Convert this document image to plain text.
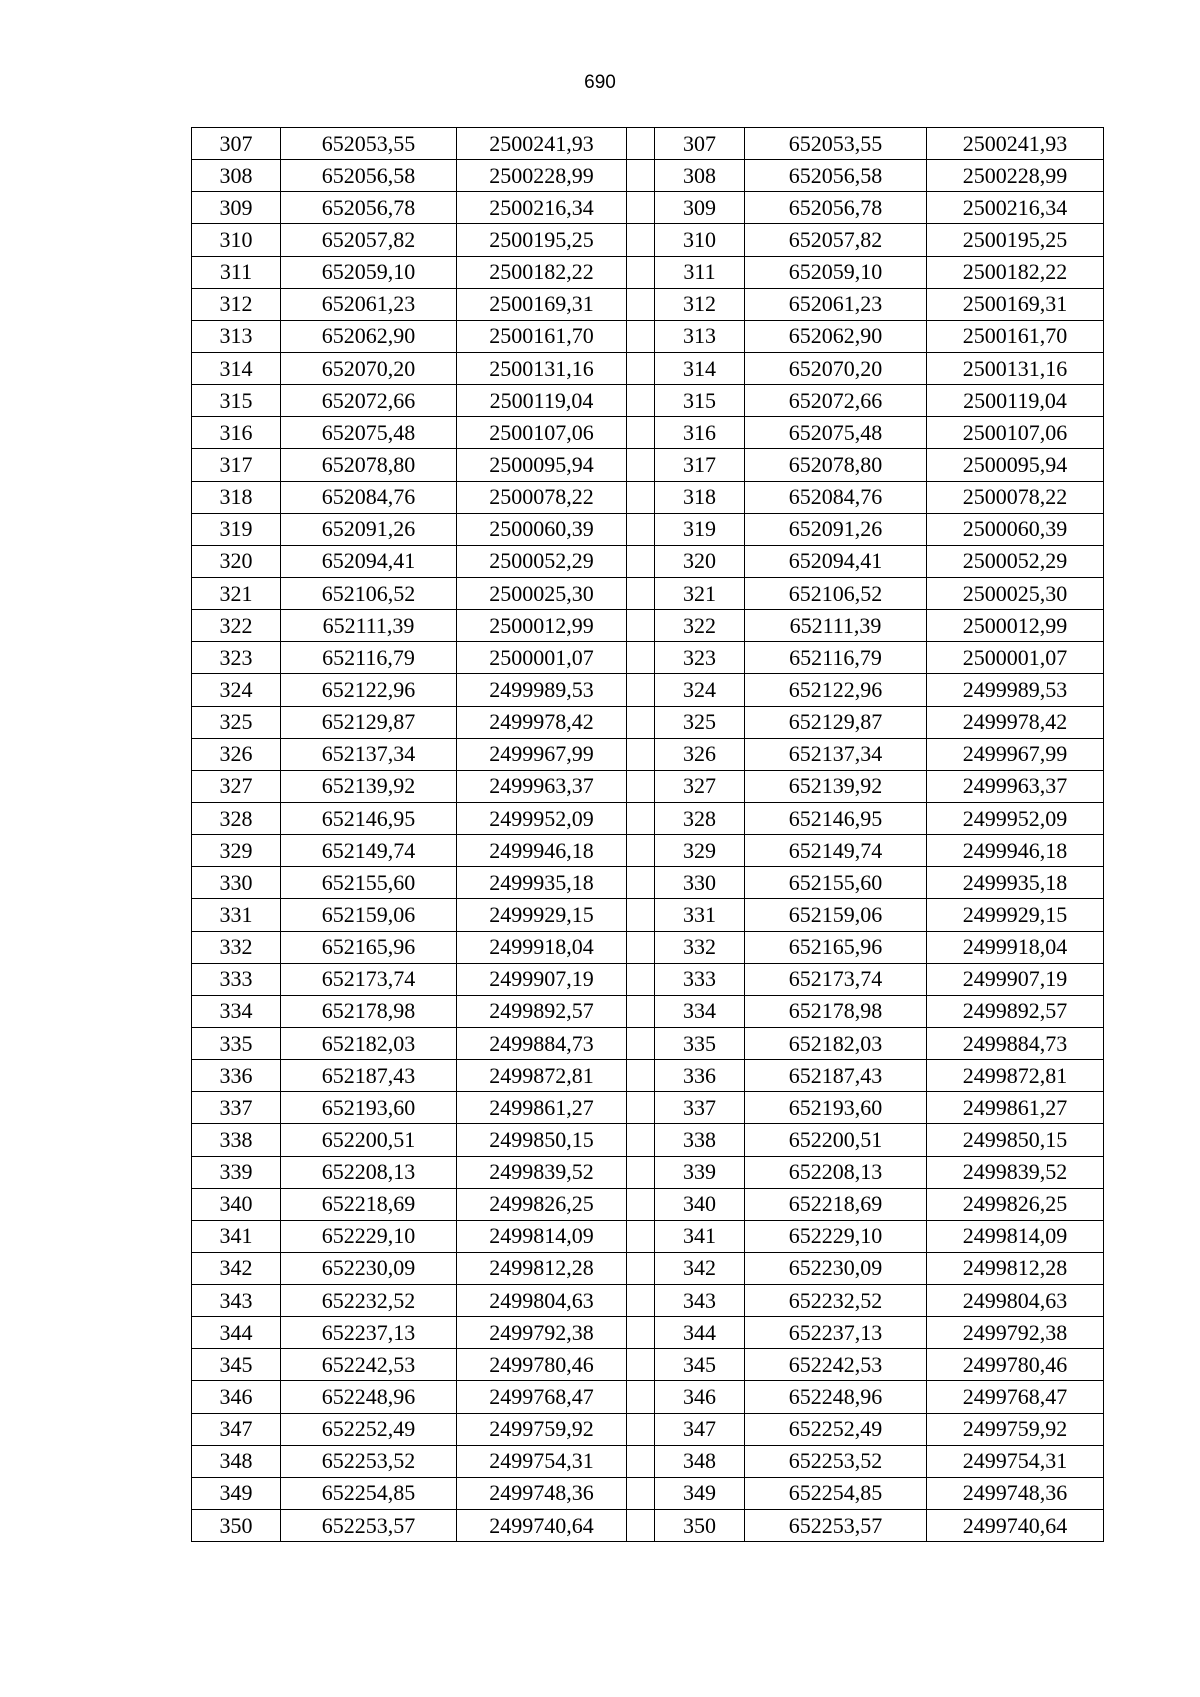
690
307	652053,55	2500241,93		307	652053,55	2500241,93
308	652056,58	2500228,99		308	652056,58	2500228,99
309	652056,78	2500216,34		309	652056,78	2500216,34
310	652057,82	2500195,25		310	652057,82	2500195,25
311	652059,10	2500182,22		311	652059,10	2500182,22
312	652061,23	2500169,31		312	652061,23	2500169,31
313	652062,90	2500161,70		313	652062,90	2500161,70
314	652070,20	2500131,16		314	652070,20	2500131,16
315	652072,66	2500119,04		315	652072,66	2500119,04
316	652075,48	2500107,06		316	652075,48	2500107,06
317	652078,80	2500095,94		317	652078,80	2500095,94
318	652084,76	2500078,22		318	652084,76	2500078,22
319	652091,26	2500060,39		319	652091,26	2500060,39
320	652094,41	2500052,29		320	652094,41	2500052,29
321	652106,52	2500025,30		321	652106,52	2500025,30
322	652111,39	2500012,99		322	652111,39	2500012,99
323	652116,79	2500001,07		323	652116,79	2500001,07
324	652122,96	2499989,53		324	652122,96	2499989,53
325	652129,87	2499978,42		325	652129,87	2499978,42
326	652137,34	2499967,99		326	652137,34	2499967,99
327	652139,92	2499963,37		327	652139,92	2499963,37
328	652146,95	2499952,09		328	652146,95	2499952,09
329	652149,74	2499946,18		329	652149,74	2499946,18
330	652155,60	2499935,18		330	652155,60	2499935,18
331	652159,06	2499929,15		331	652159,06	2499929,15
332	652165,96	2499918,04		332	652165,96	2499918,04
333	652173,74	2499907,19		333	652173,74	2499907,19
334	652178,98	2499892,57		334	652178,98	2499892,57
335	652182,03	2499884,73		335	652182,03	2499884,73
336	652187,43	2499872,81		336	652187,43	2499872,81
337	652193,60	2499861,27		337	652193,60	2499861,27
338	652200,51	2499850,15		338	652200,51	2499850,15
339	652208,13	2499839,52		339	652208,13	2499839,52
340	652218,69	2499826,25		340	652218,69	2499826,25
341	652229,10	2499814,09		341	652229,10	2499814,09
342	652230,09	2499812,28		342	652230,09	2499812,28
343	652232,52	2499804,63		343	652232,52	2499804,63
344	652237,13	2499792,38		344	652237,13	2499792,38
345	652242,53	2499780,46		345	652242,53	2499780,46
346	652248,96	2499768,47		346	652248,96	2499768,47
347	652252,49	2499759,92		347	652252,49	2499759,92
348	652253,52	2499754,31		348	652253,52	2499754,31
349	652254,85	2499748,36		349	652254,85	2499748,36
350	652253,57	2499740,64		350	652253,57	2499740,64
